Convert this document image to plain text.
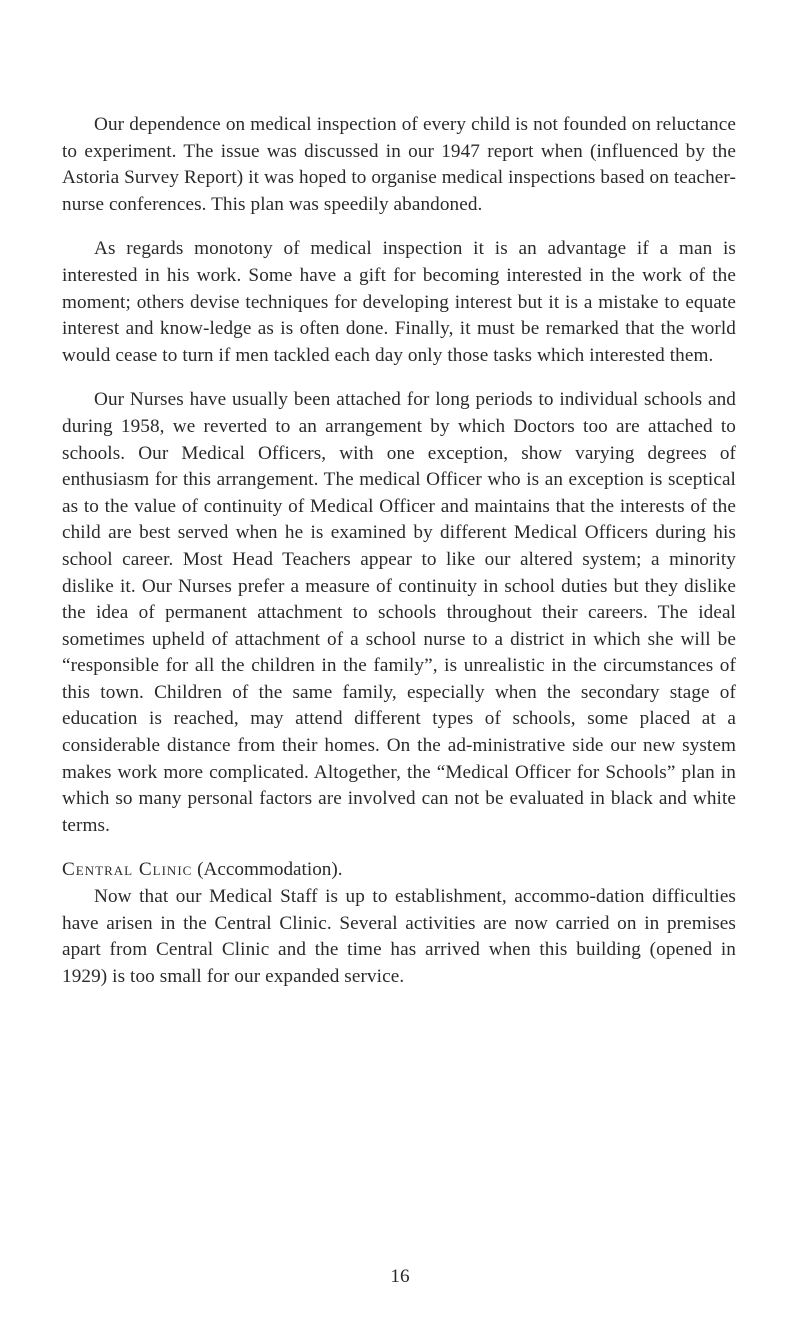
Our dependence on medical inspection of every child is not founded on reluctance to experiment. The issue was discussed in our 1947 report when (influenced by the Astoria Survey Report) it was hoped to organise medical inspections based on teacher-nurse conferences. This plan was speedily abandoned.

As regards monotony of medical inspection it is an advantage if a man is interested in his work. Some have a gift for becoming interested in the work of the moment; others devise techniques for developing interest but it is a mistake to equate interest and know-ledge as is often done. Finally, it must be remarked that the world would cease to turn if men tackled each day only those tasks which interested them.

Our Nurses have usually been attached for long periods to individual schools and during 1958, we reverted to an arrangement by which Doctors too are attached to schools. Our Medical Officers, with one exception, show varying degrees of enthusiasm for this arrangement. The medical Officer who is an exception is sceptical as to the value of continuity of Medical Officer and maintains that the interests of the child are best served when he is examined by different Medical Officers during his school career. Most Head Teachers appear to like our altered system; a minority dislike it. Our Nurses prefer a measure of continuity in school duties but they dislike the idea of permanent attachment to schools throughout their careers. The ideal sometimes upheld of attachment of a school nurse to a district in which she will be “responsible for all the children in the family”, is unrealistic in the circumstances of this town. Children of the same family, especially when the secondary stage of education is reached, may attend different types of schools, some placed at a considerable distance from their homes. On the ad-ministrative side our new system makes work more complicated. Altogether, the “Medical Officer for Schools” plan in which so many personal factors are involved can not be evaluated in black and white terms.

Central Clinic (Accommodation).

Now that our Medical Staff is up to establishment, accommo-dation difficulties have arisen in the Central Clinic. Several activities are now carried on in premises apart from Central Clinic and the time has arrived when this building (opened in 1929) is too small for our expanded service.

16
